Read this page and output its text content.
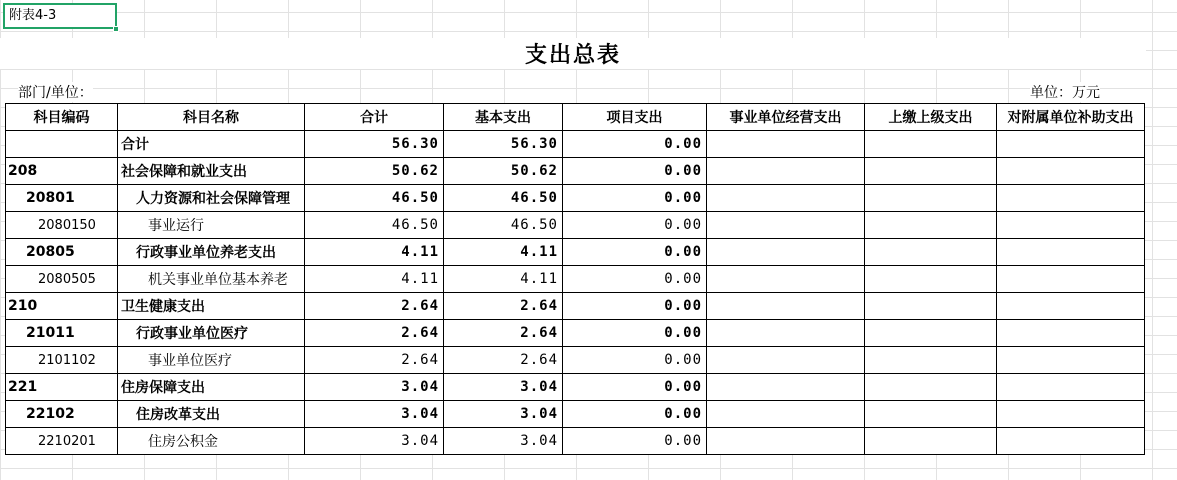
附表4-3
支出总表
部门/单位：	单位：万元
科目编码	科目名称	合计	基本支出	项目支出	事业单位经营支出	上缴上级支出	对附属单位补助支出
	合计	56.30	56.30	0.00			
208	社会保障和就业支出	50.62	50.62	0.00			
20801	人力资源和社会保障管理	46.50	46.50	0.00			
2080150	事业运行	46.50	46.50	0.00			
20805	行政事业单位养老支出	4.11	4.11	0.00			
2080505	机关事业单位基本养老	4.11	4.11	0.00			
210	卫生健康支出	2.64	2.64	0.00			
21011	行政事业单位医疗	2.64	2.64	0.00			
2101102	事业单位医疗	2.64	2.64	0.00			
221	住房保障支出	3.04	3.04	0.00			
22102	住房改革支出	3.04	3.04	0.00			
2210201	住房公积金	3.04	3.04	0.00			
